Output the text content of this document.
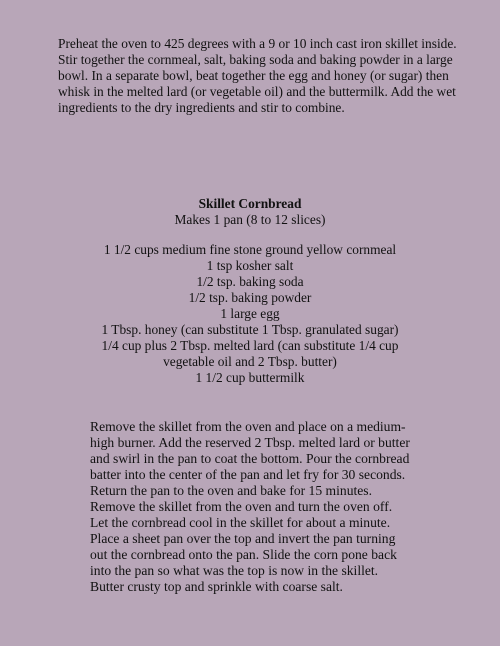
Preheat the oven to 425 degrees with a 9 or 10 inch cast iron skillet inside. Stir together the cornmeal, salt, baking soda and baking powder in a large bowl. In a separate bowl, beat together the egg and honey (or sugar) then whisk in the melted lard (or vegetable oil) and the buttermilk. Add the wet ingredients to the dry ingredients and stir to combine.

Skillet Cornbread
Makes 1 pan (8 to 12 slices)
1 1/2 cups medium fine stone ground yellow cornmeal
1 tsp kosher salt
1/2 tsp. baking soda
1/2 tsp. baking powder
1 large egg
1 Tbsp. honey (can substitute 1 Tbsp. granulated sugar)
1/4 cup plus 2 Tbsp. melted lard (can substitute 1/4 cup vegetable oil and 2 Tbsp. butter)
1 1/2 cup buttermilk

Remove the skillet from the oven and place on a medium-high burner. Add the reserved 2 Tbsp. melted lard or butter and swirl in the pan to coat the bottom. Pour the cornbread batter into the center of the pan and let fry for 30 seconds. Return the pan to the oven and bake for 15 minutes. Remove the skillet from the oven and turn the oven off. Let the cornbread cool in the skillet for about a minute. Place a sheet pan over the top and invert the pan turning out the cornbread onto the pan. Slide the corn pone back into the pan so what was the top is now in the skillet. Butter crusty top and sprinkle with coarse salt.
